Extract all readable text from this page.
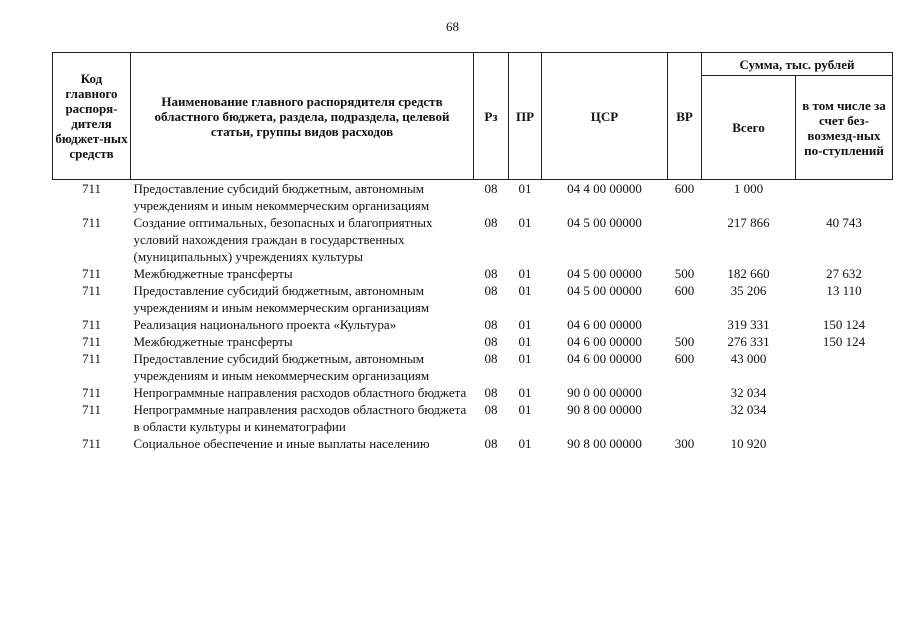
68
Код главного распоря-дителя бюджет-ных средств	Наименование главного распорядителя средств областного бюджета, раздела, подраздела, целевой статьи, группы видов расходов	Рз	ПР	ЦСР	ВР	Сумма, тыс. рублей	
						Всего	в том числе за счет без-возмезд-ных по-ступлений
711	Предоставление субсидий бюджетным, автономным учреждениям и иным некоммерческим организациям	08	01	04 4 00 00000	600	1 000	
711	Создание оптимальных, безопасных и благоприятных условий нахождения граждан в государственных (муниципальных) учреждениях культуры	08	01	04 5 00 00000		217 866	40 743
711	Межбюджетные трансферты	08	01	04 5 00 00000	500	182 660	27 632
711	Предоставление субсидий бюджетным, автономным учреждениям и иным некоммерческим организациям	08	01	04 5 00 00000	600	35 206	13 110
711	Реализация национального проекта «Культура»	08	01	04 6 00 00000		319 331	150 124
711	Межбюджетные трансферты	08	01	04 6 00 00000	500	276 331	150 124
711	Предоставление субсидий бюджетным, автономным учреждениям и иным некоммерческим организациям	08	01	04 6 00 00000	600	43 000	
711	Непрограммные направления расходов областного бюджета	08	01	90 0 00 00000		32 034	
711	Непрограммные направления расходов областного бюджета в области культуры и кинематографии	08	01	90 8 00 00000		32 034	
711	Социальное обеспечение и иные выплаты населению	08	01	90 8 00 00000	300	10 920	
